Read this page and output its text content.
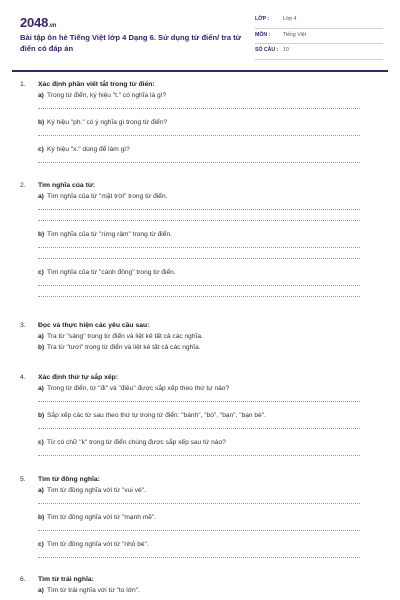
2048.vn
Bài tập ôn hè Tiếng Việt lớp 4 Dạng 6. Sử dụng từ điển/ tra từ điển có đáp án
LỚP :	Lớp 4
MÔN : Tiếng Việt
SỐ CÂU : 10
1. Xác định phần viết tắt trong từ điển:
a) Trong từ điển, ký hiệu "t." có nghĩa là gì?
b) Ký hiệu "ph." có ý nghĩa gì trong từ điển?
c) Ký hiệu "x." dùng để làm gì?
2. Tìm nghĩa của từ:
a) Tìm nghĩa của từ "mặt trời" trong từ điển.
b) Tìm nghĩa của từ "rừng rậm" trong từ điển.
c) Tìm nghĩa của từ "cánh đồng" trong từ điển.
3. Đọc và thực hiện các yêu cầu sau:
a) Tra từ "sáng" trong từ điển và liệt kê tất cả các nghĩa.
b) Tra từ "tươi" trong từ điển và liệt kê tất cả các nghĩa.
4. Xác định thứ tự sắp xếp:
a) Trong từ điển, từ "đi" và "điều" được sắp xếp theo thứ tự nào?
b) Sắp xếp các từ sau theo thứ tự trong từ điển: "bánh", "bò", "bạn", "bạn bè".
c) Từ có chữ "k" trong từ điển chúng được sắp xếp sau từ nào?
5. Tìm từ đồng nghĩa:
a) Tìm từ đồng nghĩa với từ "vui vẻ".
b) Tìm từ đồng nghĩa với từ "mạnh mẽ".
c) Tìm từ đồng nghĩa với từ "nhỏ bé".
6. Tìm từ trái nghĩa:
a) Tìm từ trái nghĩa với từ "to lớn".
